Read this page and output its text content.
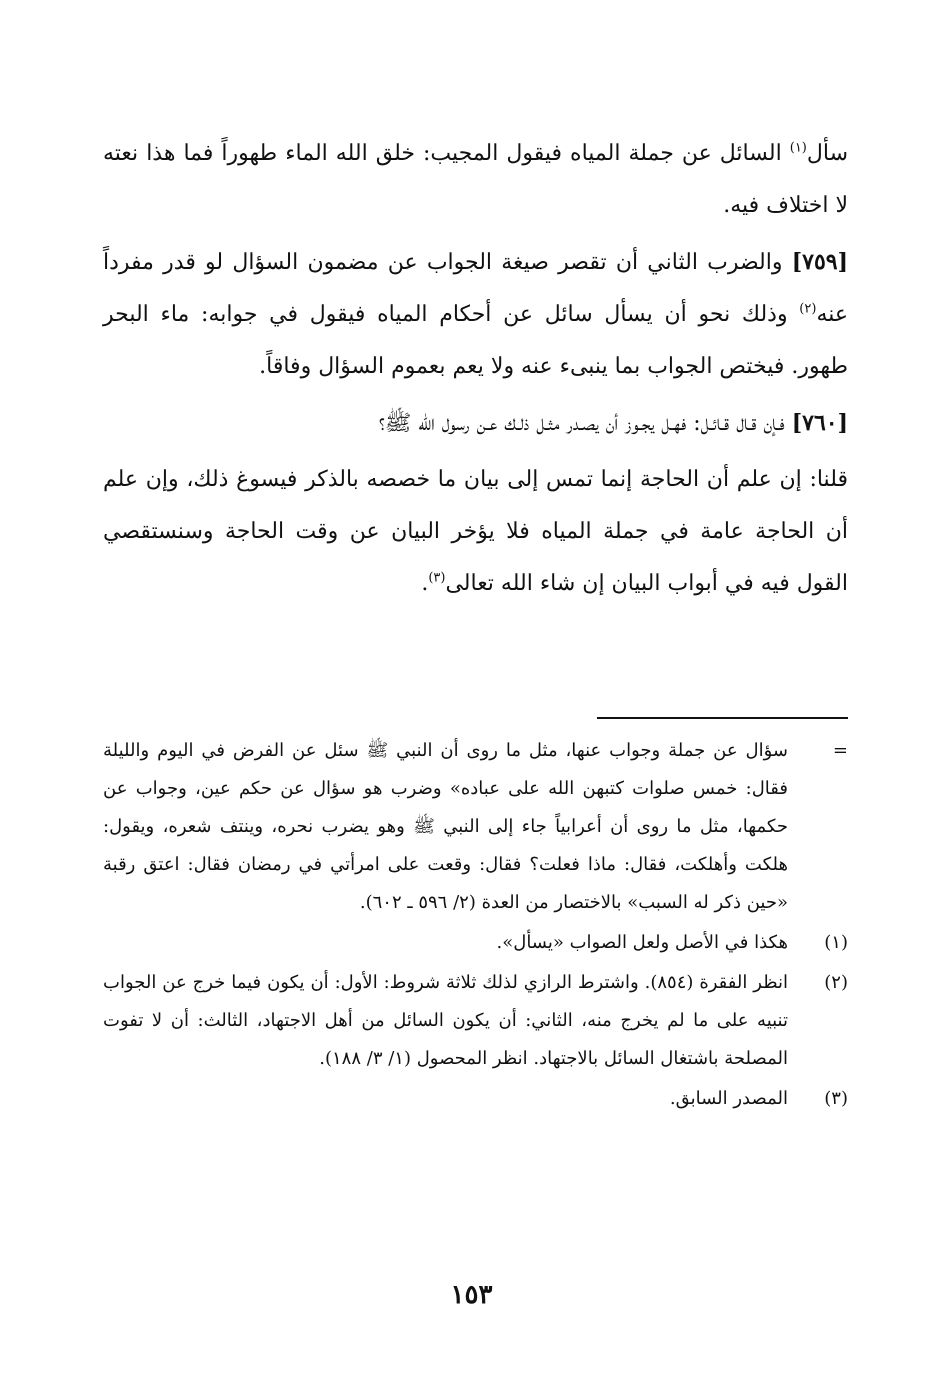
سأل$^{(١)}$ السائل عن جملة المياه فيقول المجيب: خلق الله الماء طهوراً فما هذا نعته لا اختلاف فيه.

[٧٥٩] والضرب الثاني أن تقصر صيغة الجواب عن مضمون السؤال لو قدر مفرداً عنه$^{(٢)}$ وذلك نحو أن يسأل سائل عن أحكام المياه فيقول في جوابه: ماء البحر طهور. فيختص الجواب بما ينبىء عنه ولا يعم بعموم السؤال وفاقاً.

[٧٦٠] فـإن قـال قـائـل: فهـل يجـوز أن يصـدر مثـل ذلـك عـن رسول الله ﷺ؟

قلنا: إن علم أن الحاجة إنما تمس إلى بيان ما خصصه بالذكر فيسوغ ذلك، وإن علم أن الحاجة عامة في جملة المياه فلا يؤخر البيان عن وقت الحاجة وسنستقصي القول فيه في أبواب البيان إن شاء الله تعالى$^{(٣)}$.

=
سؤال عن جملة وجواب عنها، مثل ما روى أن النبي ﷺ سئل عن الفرض في اليوم والليلة فقال: خمس صلوات كتبهن الله على عباده» وضرب هو سؤال عن حكم عين، وجواب عن حكمها، مثل ما روى أن أعرابياً جاء إلى النبي ﷺ وهو يضرب نحره، وينتف شعره، ويقول: هلكت وأهلكت، فقال: ماذا فعلت؟ فقال: وقعت على امرأتي في رمضان فقال: اعتق رقبة «حين ذكر له السبب» بالاختصار من العدة (٢/ ٥٩٦ ـ ٦٠٢).
(١)
هكذا في الأصل ولعل الصواب «يسأل».
(٢)
انظر الفقرة (٨٥٤). واشترط الرازي لذلك ثلاثة شروط: الأول: أن يكون فيما خرج عن الجواب تنبيه على ما لم يخرج منه، الثاني: أن يكون السائل من أهل الاجتهاد، الثالث: أن لا تفوت المصلحة باشتغال السائل بالاجتهاد. انظر المحصول (١/ ٣/ ١٨٨).
(٣)
المصدر السابق.
١٥٣
